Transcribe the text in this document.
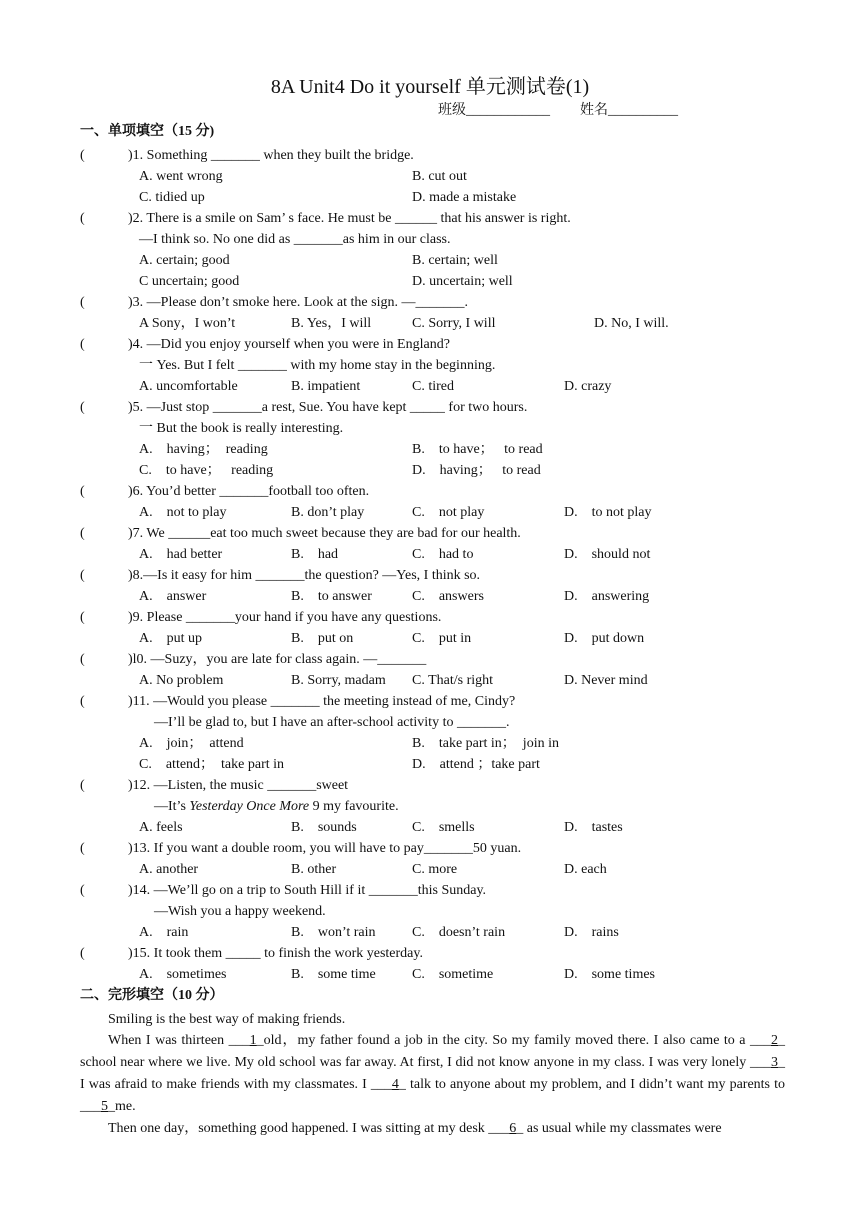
8A Unit4 Do it yourself 单元测试卷(1)
班级____________ 姓名__________
一、单项填空（15 分)
(	)1. Something _______ when they built the bridge.
A. went wrong	B. cut out
C. tidied up	D. made a mistake
(	)2. There is a smile on Sam’ s face. He must be ______ that his answer is right.
—I think so. No one did as _______as him in our class.
A. certain; good	B. certain; well
C uncertain; good	D. uncertain; well
(	)3. —Please don’t smoke here. Look at the sign. —_______.
A Sony，I won’t	B. Yes，I will	C. Sorry, I will	D. No, I will.
(	)4. —Did you enjoy yourself when you were in England?
一 Yes. But I felt _______ with my home stay in the beginning.
A. uncomfortable	B. impatient	C. tired	D. crazy
(	)5. —Just stop _______a rest, Sue. You have kept _____ for two hours.
一 But the book is really interesting.
A.    having；  reading	B.    to have；   to read
C.    to have；   reading	D.    having；   to read
(	)6. You’d better _______football too often.
A.    not to play	B. don’t play	C.    not play	D.    to not play
(	)7. We ______eat too much sweet because they are bad for our health.
A.    had better	B.    had	C.    had to	D.    should not
(	)8.—Is it easy for him _______the question? —Yes, I think so.
A.    answer	B.    to answer	C.    answers	D.    answering
(	)9. Please _______your hand if you have any questions.
A.    put up	B.    put on	C.    put in	D.    put down
(	)l0. —Suzy，you are late for class again. —_______
A. No problem	B. Sorry, madam C. That/s right	D. Never mind
(	)11. —Would you please _______ the meeting instead of me, Cindy?
—I’ll be glad to, but I have an after-school activity to _______.
A.    join；  attend	B.    take part in；  join in
C.    attend；  take part in	D.    attend ；take part
(	)12. —Listen, the music _______sweet
—It’s Yesterday Once More 9 my favourite.
A. feels	B.    sounds	C.    smells	D.    tastes
(	)13. If you want a double room, you will have to pay_______50 yuan.
A. another	B. other	C. more	D. each
(	)14. —We’ll go on a trip to South Hill if it _______this Sunday.
—Wish you a happy weekend.
A.    rain	B.    won’t rain	C.    doesn’t rain	D.    rains
(	)15. It took them _____ to finish the work yesterday.
A.    sometimes	B.    some time	C.    sometime	D.    some times
二、完形填空（10 分）
Smiling is the best way of making friends.
When I was thirteen ___1_old，my father found a job in the city. So my family moved there. I also came to a ___2_ school near where we live. My old school was far away. At first, I did not know anyone in my class. I was very lonely ___3_ I was afraid to make friends with my classmates. I ___4_ talk to anyone about my problem, and I didn’t want my parents to ___5_me.
Then one day，something good happened. I was sitting at my desk ___6_ as usual while my classmates were
